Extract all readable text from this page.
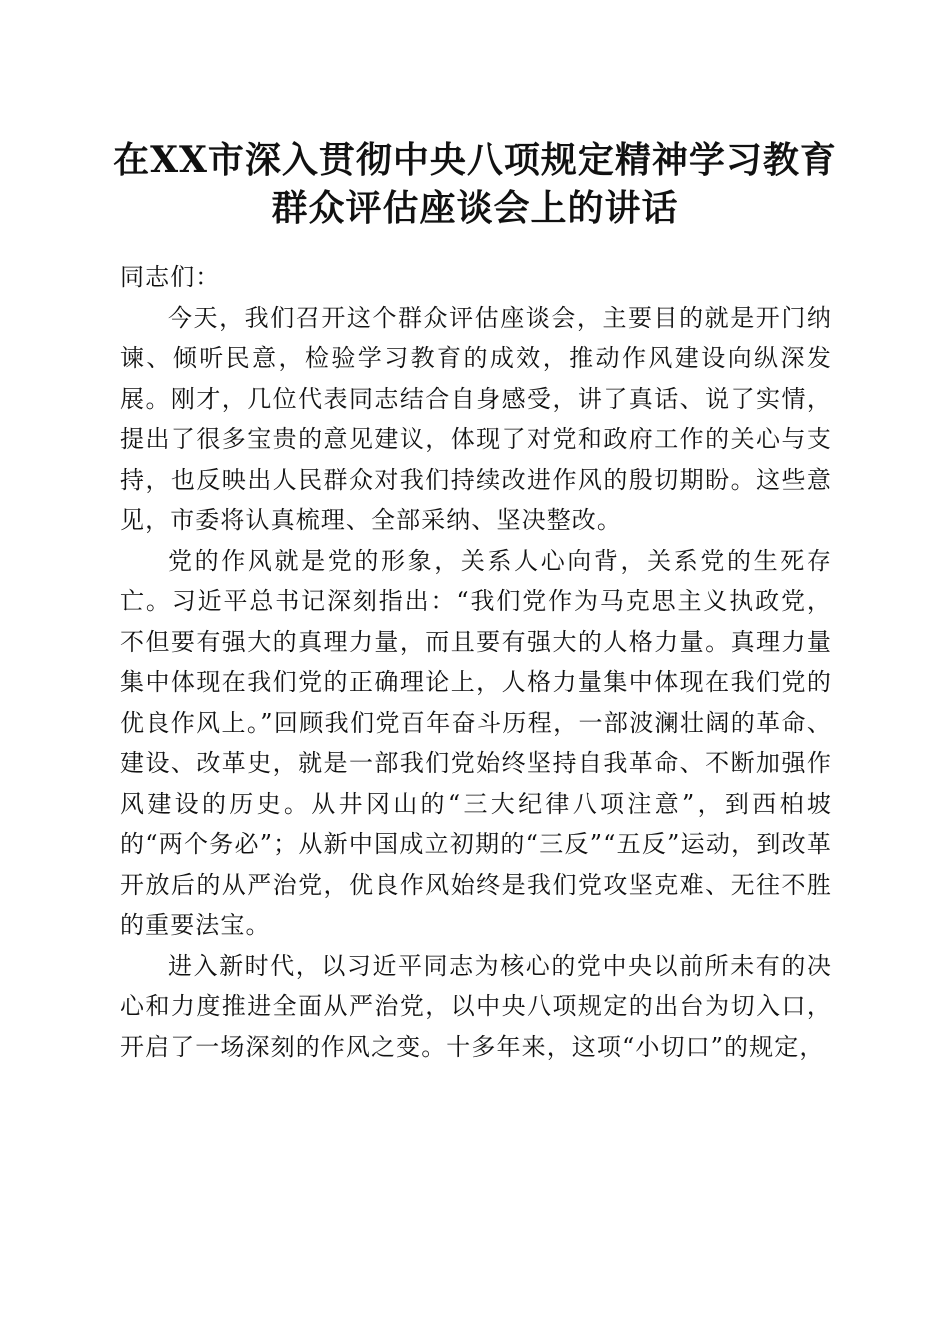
在XX市深入贯彻中央八项规定精神学习教育
群众评估座谈会上的讲话

同志们：

今天，我们召开这个群众评估座谈会，主要目的就是开门纳谏、倾听民意，检验学习教育的成效，推动作风建设向纵深发展。刚才，几位代表同志结合自身感受，讲了真话、说了实情，提出了很多宝贵的意见建议，体现了对党和政府工作的关心与支持，也反映出人民群众对我们持续改进作风的殷切期盼。这些意见，市委将认真梳理、全部采纳、坚决整改。

党的作风就是党的形象，关系人心向背，关系党的生死存亡。习近平总书记深刻指出：“我们党作为马克思主义执政党，不但要有强大的真理力量，而且要有强大的人格力量。真理力量集中体现在我们党的正确理论上，人格力量集中体现在我们党的优良作风上。”回顾我们党百年奋斗历程，一部波澜壮阔的革命、建设、改革史，就是一部我们党始终坚持自我革命、不断加强作风建设的历史。从井冈山的“三大纪律八项注意”，到西柏坡的“两个务必”；从新中国成立初期的“三反”“五反”运动，到改革开放后的从严治党，优良作风始终是我们党攻坚克难、无往不胜的重要法宝。

进入新时代，以习近平同志为核心的党中央以前所未有的决心和力度推进全面从严治党，以中央八项规定的出台为切入口，开启了一场深刻的作风之变。十多年来，这项“小切口”的规定，
